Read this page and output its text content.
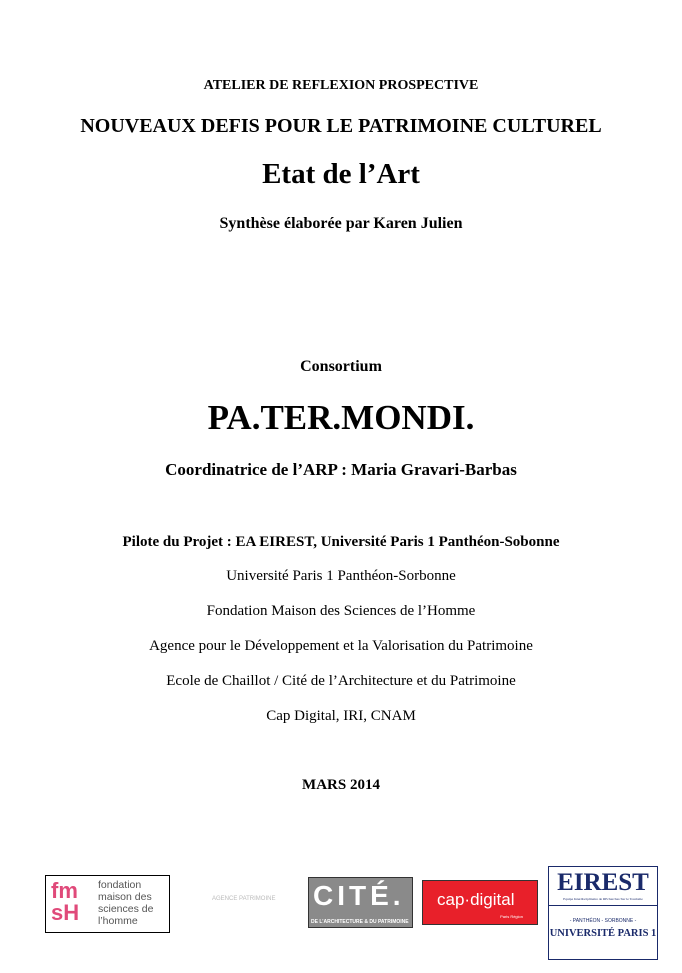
ATELIER DE REFLEXION PROSPECTIVE
NOUVEAUX DEFIS POUR LE PATRIMOINE CULTUREL
Etat de l’Art
Synthèse élaborée par Karen Julien
Consortium
PA.TER.MONDI.
Coordinatrice de l’ARP : Maria Gravari-Barbas
Pilote du Projet : EA EIREST, Université Paris 1 Panthéon-Sobonne
Université Paris 1 Panthéon-Sorbonne
Fondation Maison des Sciences de l’Homme
Agence pour le Développement et la Valorisation du Patrimoine
Ecole de Chaillot / Cité de l’Architecture et du Patrimoine
Cap Digital, IRI, CNAM
MARS 2014
fm sH
fondation maison des sciences de l’homme
AGENCE PATRIMOINE	CITÉ.
DE L’ARCHITECTURE & DU PATRIMOINE
cap·digital
Paris Région
EIREST
Equipe Interdisciplinaire de REcherches Sur le Tourisme
- PANTHÉON - SORBONNE -
UNIVERSITÉ PARIS 1
